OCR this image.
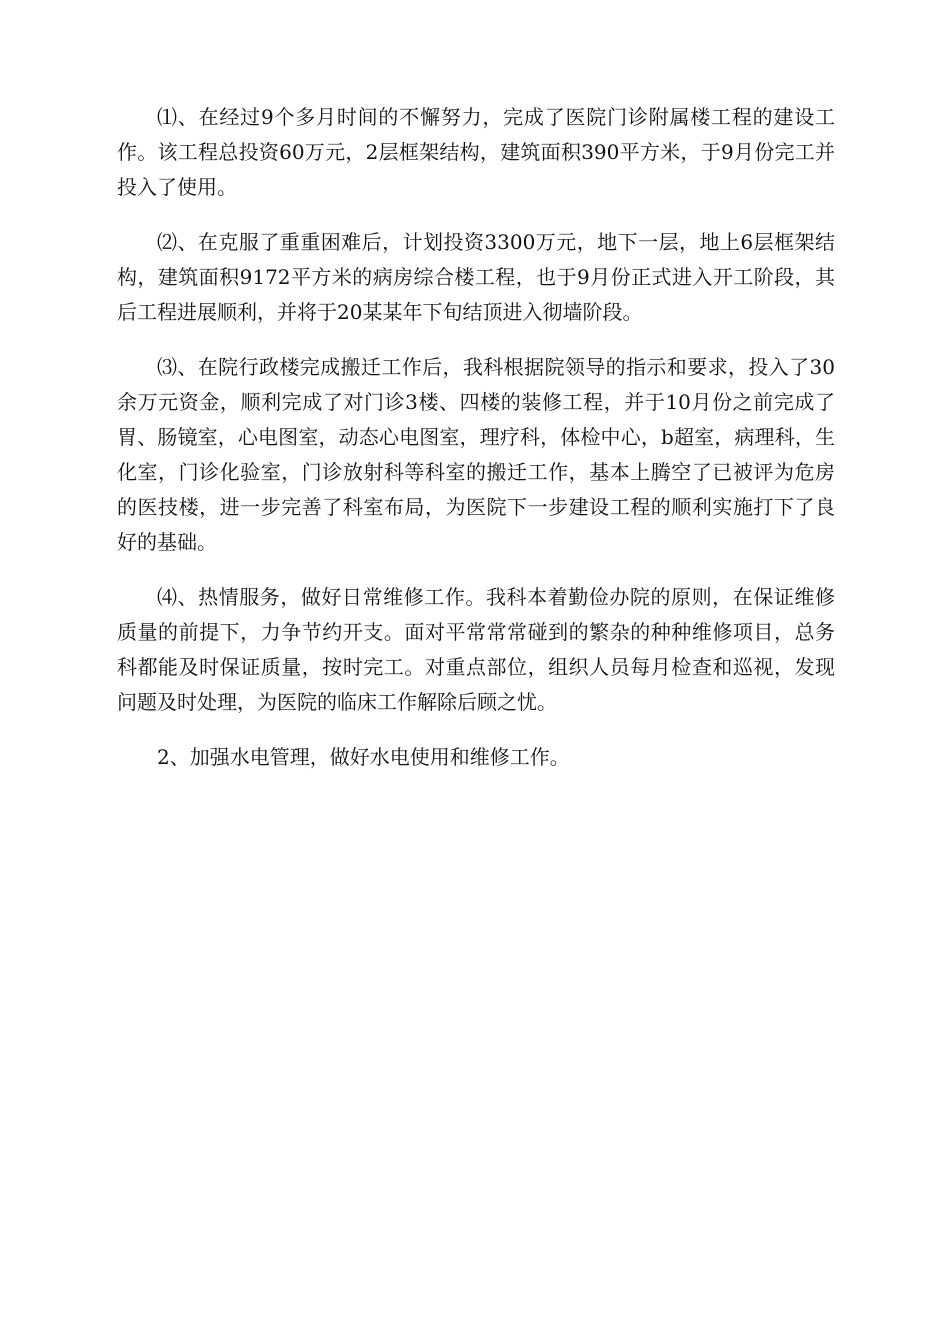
⑴、在经过9个多月时间的不懈努力，完成了医院门诊附属楼工程的建设工作。该工程总投资60万元，2层框架结构，建筑面积390平方米，于9月份完工并投入了使用。

⑵、在克服了重重困难后，计划投资3300万元，地下一层，地上6层框架结构，建筑面积9172平方米的病房综合楼工程，也于9月份正式进入开工阶段，其后工程进展顺利，并将于20某某年下旬结顶进入彻墙阶段。

⑶、在院行政楼完成搬迁工作后，我科根据院领导的指示和要求，投入了30余万元资金，顺利完成了对门诊3楼、四楼的装修工程，并于10月份之前完成了胃、肠镜室，心电图室，动态心电图室，理疗科，体检中心，b超室，病理科，生化室，门诊化验室，门诊放射科等科室的搬迁工作，基本上腾空了已被评为危房的医技楼，进一步完善了科室布局，为医院下一步建设工程的顺利实施打下了良好的基础。

⑷、热情服务，做好日常维修工作。我科本着勤俭办院的原则，在保证维修质量的前提下，力争节约开支。面对平常常常碰到的繁杂的种种维修项目，总务科都能及时保证质量，按时完工。对重点部位，组织人员每月检查和巡视，发现问题及时处理，为医院的临床工作解除后顾之忧。

2、加强水电管理，做好水电使用和维修工作。
